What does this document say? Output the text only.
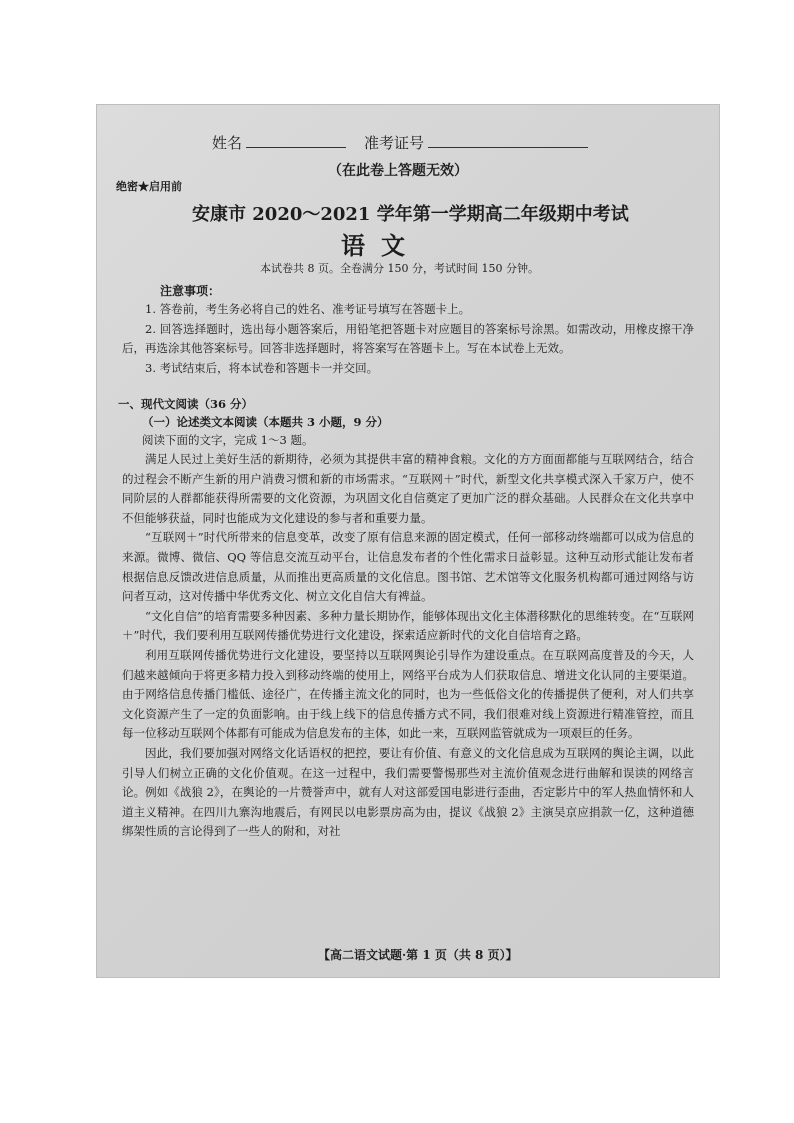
姓名	准考证号
（在此卷上答题无效）
绝密★启用前
安康市 2020～2021 学年第一学期高二年级期中考试
语文
本试卷共 8 页。全卷满分 150 分，考试时间 150 分钟。
注意事项：

1. 答卷前，考生务必将自己的姓名、准考证号填写在答题卡上。

2. 回答选择题时，选出每小题答案后，用铅笔把答题卡对应题目的答案标号涂黑。如需改动，用橡皮擦干净后，再选涂其他答案标号。回答非选择题时，将答案写在答题卡上。写在本试卷上无效。

3. 考试结束后，将本试卷和答题卡一并交回。

一、现代文阅读（36 分）
（一）论述类文本阅读（本题共 3 小题，9 分）
阅读下面的文字，完成 1～3 题。

满足人民过上美好生活的新期待，必须为其提供丰富的精神食粮。文化的方方面面都能与互联网结合，结合的过程会不断产生新的用户消费习惯和新的市场需求。“互联网＋”时代，新型文化共享模式深入千家万户，使不同阶层的人群都能获得所需要的文化资源，为巩固文化自信奠定了更加广泛的群众基础。人民群众在文化共享中不但能够获益，同时也能成为文化建设的参与者和重要力量。

“互联网＋”时代所带来的信息变革，改变了原有信息来源的固定模式，任何一部移动终端都可以成为信息的来源。微博、微信、QQ 等信息交流互动平台，让信息发布者的个性化需求日益彰显。这种互动形式能让发布者根据信息反馈改进信息质量，从而推出更高质量的文化信息。图书馆、艺术馆等文化服务机构都可通过网络与访问者互动，这对传播中华优秀文化、树立文化自信大有裨益。

“文化自信”的培育需要多种因素、多种力量长期协作，能够体现出文化主体潜移默化的思维转变。在“互联网＋”时代，我们要利用互联网传播优势进行文化建设，探索适应新时代的文化自信培育之路。

利用互联网传播优势进行文化建设，要坚持以互联网舆论引导作为建设重点。在互联网高度普及的今天，人们越来越倾向于将更多精力投入到移动终端的使用上，网络平台成为人们获取信息、增进文化认同的主要渠道。由于网络信息传播门槛低、途径广，在传播主流文化的同时，也为一些低俗文化的传播提供了便利，对人们共享文化资源产生了一定的负面影响。由于线上线下的信息传播方式不同，我们很难对线上资源进行精准管控，而且每一位移动互联网个体都有可能成为信息发布的主体，如此一来，互联网监管就成为一项艰巨的任务。

因此，我们要加强对网络文化话语权的把控，要让有价值、有意义的文化信息成为互联网的舆论主调，以此引导人们树立正确的文化价值观。在这一过程中，我们需要警惕那些对主流价值观念进行曲解和误读的网络言论。例如《战狼 2》，在舆论的一片赞誉声中，就有人对这部爱国电影进行歪曲，否定影片中的军人热血情怀和人道主义精神。在四川九寨沟地震后，有网民以电影票房高为由，提议《战狼 2》主演吴京应捐款一亿，这种道德绑架性质的言论得到了一些人的附和，对社

【高二语文试题·第 1 页（共 8 页）】
